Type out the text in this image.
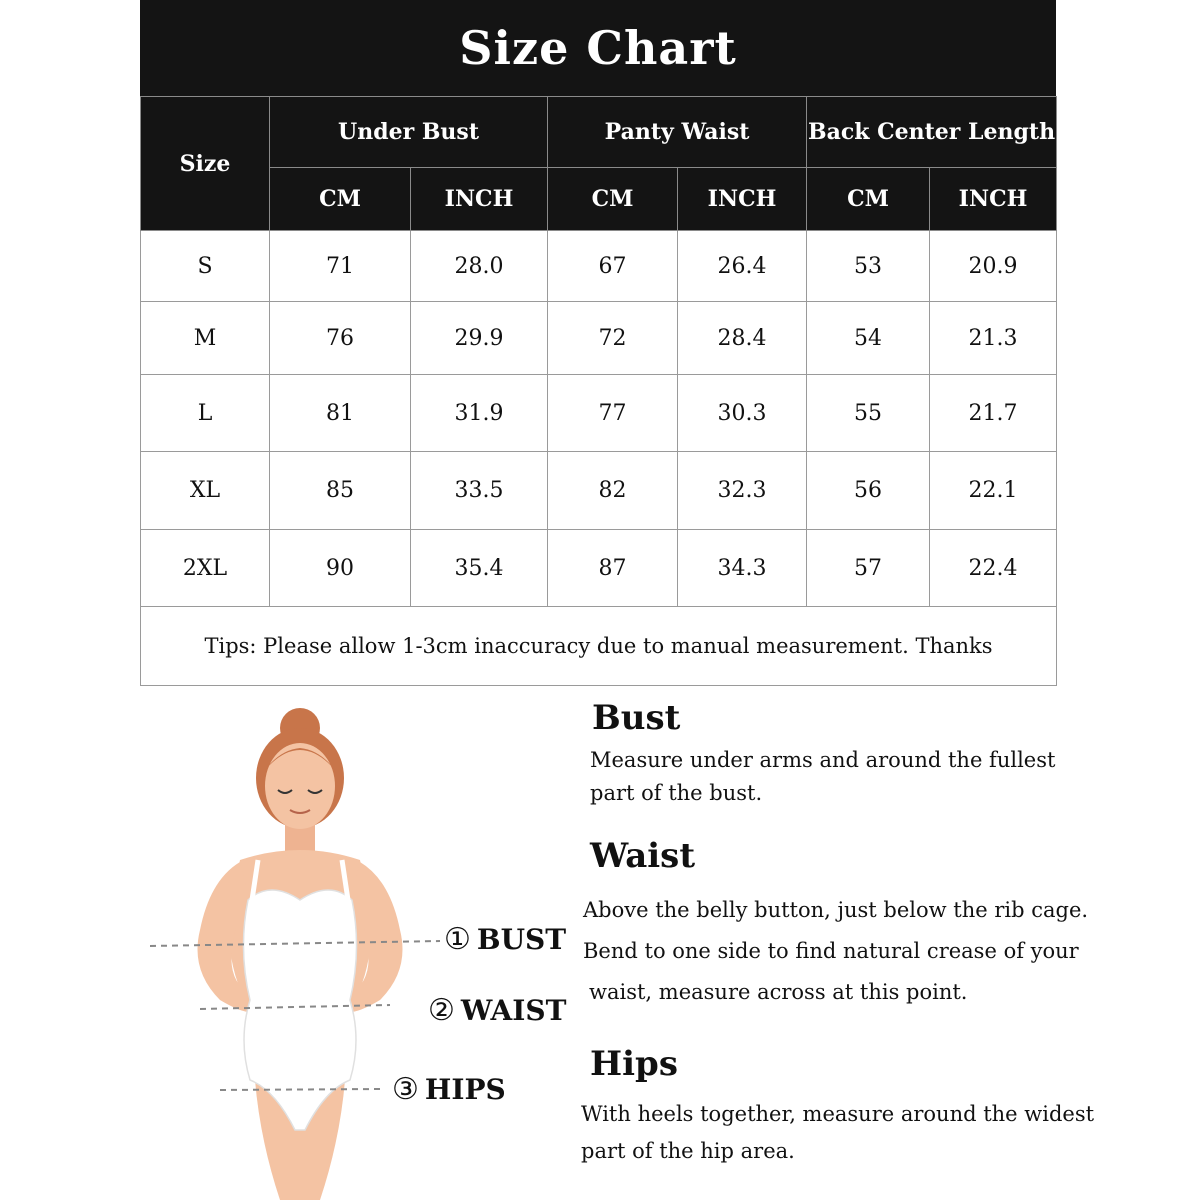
Size Chart
Size	Under Bust		Panty Waist		Back Center Length	
	CM	INCH	CM	INCH	CM	INCH
S	71	28.0	67	26.4	53	20.9
M	76	29.9	72	28.4	54	21.3
L	81	31.9	77	30.3	55	21.7
XL	85	33.5	82	32.3	56	22.1
2XL	90	35.4	87	34.3	57	22.4
Tips: Please allow 1-3cm inaccuracy due to manual measurement. Thanks						
① BUST
② WAIST
③ HIPS
Bust
Measure under arms and around the fullest
part of the bust.
Waist
Above the belly button, just below the rib cage.
Bend to one side to find natural crease of your
waist, measure across at this point.
Hips
With heels together, measure around the widest
part of the hip area.
